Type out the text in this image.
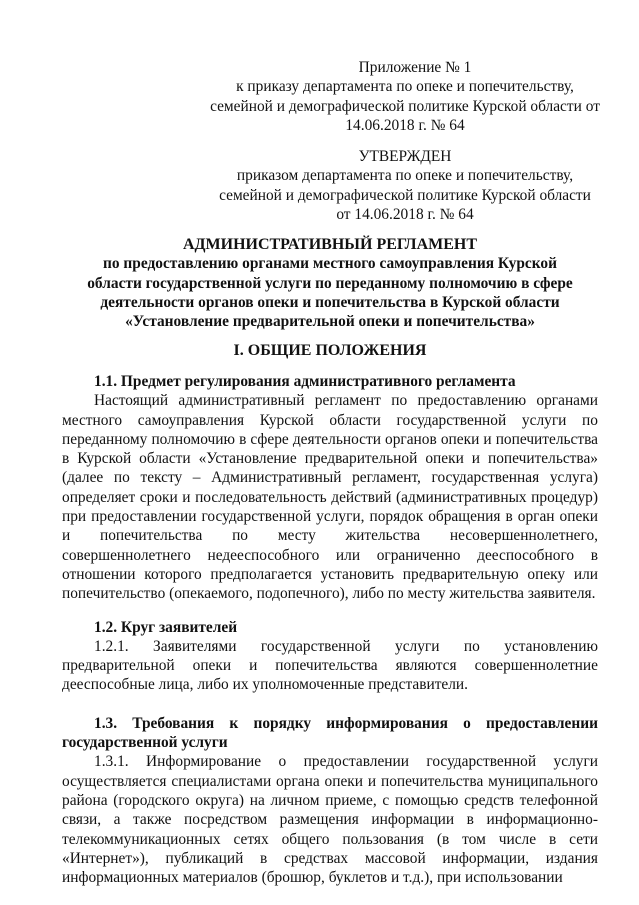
Приложение № 1
к приказу департамента по опеке и попечительству,
семейной и демографической политике Курской области от
14.06.2018 г. № 64
УТВЕРЖДЕН
приказом департамента по опеке и попечительству,
семейной и демографической политике Курской области
от 14.06.2018 г. № 64
АДМИНИСТРАТИВНЫЙ РЕГЛАМЕНТ
по предоставлению органами местного самоуправления Курской
области государственной услуги по переданному полномочию в сфере
деятельности органов опеки и попечительства в Курской области
«Установление предварительной опеки и попечительства»
I. ОБЩИЕ ПОЛОЖЕНИЯ

1.1. Предмет регулирования административного регламента

Настоящий административный регламент по предоставлению органами местного самоуправления Курской области государственной услуги по переданному полномочию в сфере деятельности органов опеки и попечительства в Курской области «Установление предварительной опеки и попечительства» (далее по тексту – Административный регламент, государственная услуга) определяет сроки и последовательность действий (административных процедур) при предоставлении государственной услуги, порядок обращения в орган опеки и попечительства по месту жительства несовершеннолетнего, совершеннолетнего недееспособного или ограниченно дееспособного в отношении которого предполагается установить предварительную опеку или попечительство (опекаемого, подопечного), либо по месту жительства заявителя.

1.2. Круг заявителей

1.2.1. Заявителями государственной услуги по установлению предварительной опеки и попечительства являются совершеннолетние дееспособные лица, либо их уполномоченные представители.

1.3. Требования к порядку информирования о предоставлении государственной услуги

1.3.1. Информирование о предоставлении государственной услуги осуществляется специалистами органа опеки и попечительства муниципального района (городского округа) на личном приеме, с помощью средств телефонной связи, а также посредством размещения информации в информационно-телекоммуникационных сетях общего пользования (в том числе в сети «Интернет»), публикаций в средствах массовой информации, издания информационных материалов (брошюр, буклетов и т.д.), при использовании
